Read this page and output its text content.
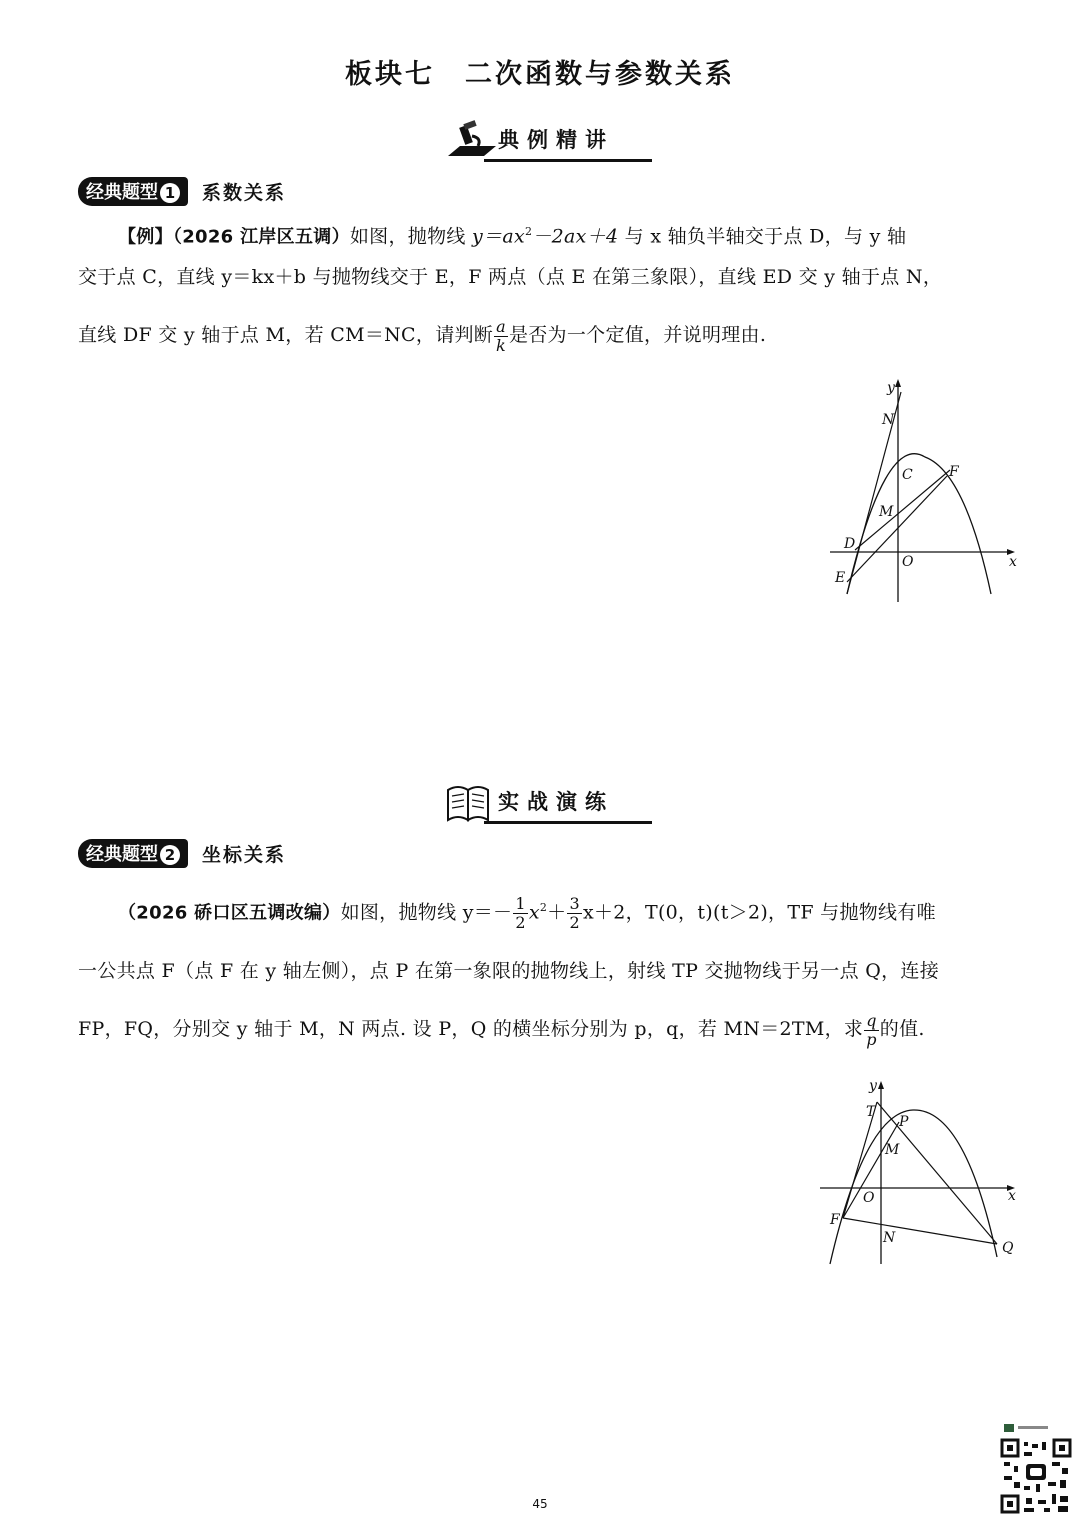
板块七　二次函数与参数关系
典例精讲
经典题型 1 系数关系
【例】（2026 江岸区五调）如图，抛物线 $y=ax^2-2ax+4$ 与 x 轴负半轴交于点 D，与 y 轴
交于点 C，直线 y＝kx＋b 与抛物线交于 E，F 两点（点 E 在第三象限），直线 ED 交 y 轴于点 N，
直线 DF 交 y 轴于点 M，若 CM＝NC，请判断 $\frac{a}{k}$ 是否为一个定值，并说明理由.
y
x
N
C	F
M
D
O
E
实战演练
经典题型 2 坐标关系
（2026 硚口区五调改编）如图，抛物线 $y=- \frac{1}{2} x^2+ \frac{3}{2} x+2$，T(0，t)(t＞2)，TF 与抛物线有唯
一公共点 F（点 F 在 y 轴左侧），点 P 在第一象限的抛物线上，射线 TP 交抛物线于另一点 Q，连接
FP，FQ，分别交 y 轴于 M，N 两点. 设 P，Q 的横坐标分别为 p，q，若 MN＝2TM，求 $\frac{q}{p}$ 的值.
y
x
T
P
M
O
F
N
Q
45
